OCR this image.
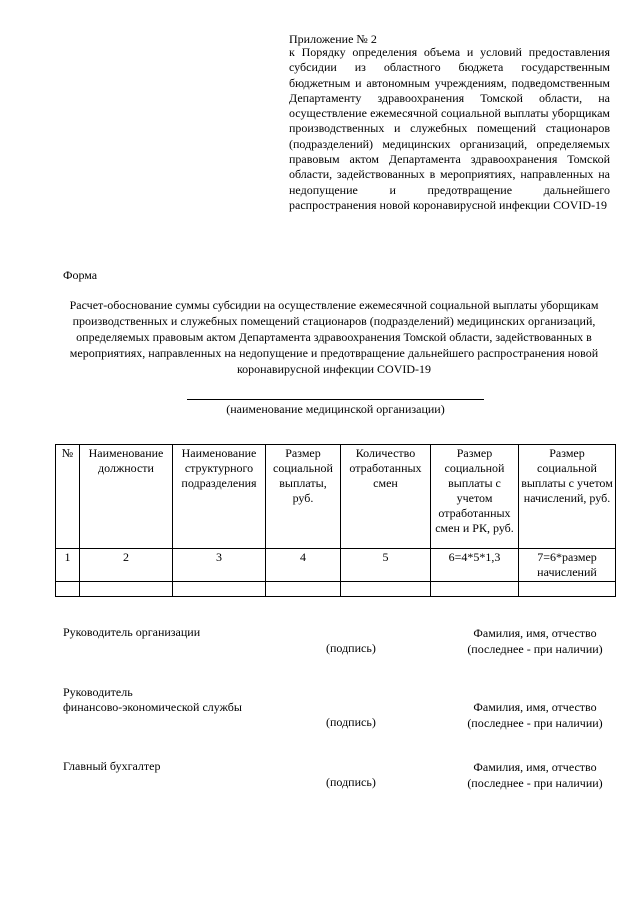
Приложение № 2
к Порядку определения объема и условий предоставления субсидии из областного бюджета государственным бюджетным и автономным учреждениям, подведомственным Департаменту здравоохранения Томской области, на осуществление ежемесячной социальной выплаты уборщикам производственных и служебных помещений стационаров (подразделений) медицинских организаций, определяемых правовым актом Департамента здравоохранения Томской области, задействованных в мероприятиях, направленных на недопущение и предотвращение дальнейшего распространения новой коронавирусной инфекции COVID-19
Форма
Расчет-обоснование суммы субсидии на осуществление ежемесячной социальной выплаты уборщикам производственных и служебных помещений стационаров (подразделений) медицинских организаций, определяемых правовым актом Департамента здравоохранения Томской области, задействованных в мероприятиях, направленных на недопущение и предотвращение дальнейшего распространения новой коронавирусной инфекции COVID-19
(наименование медицинской организации)
№	Наименование должности	Наименование структурного подразделения	Размер социальной выплаты, руб.	Количество отработанных смен	Размер социальной выплаты с учетом отработанных смен и РК, руб.	Размер социальной выплаты с учетом начислений, руб.
1	2	3	4	5	6=4*5*1,3	7=6*размер начислений

Руководитель организации
(подпись)
Фамилия, имя, отчество
(последнее - при наличии)
Руководитель
финансово-экономической службы
(подпись)
Фамилия, имя, отчество
(последнее - при наличии)
Главный бухгалтер
(подпись)
Фамилия, имя, отчество
(последнее - при наличии)
